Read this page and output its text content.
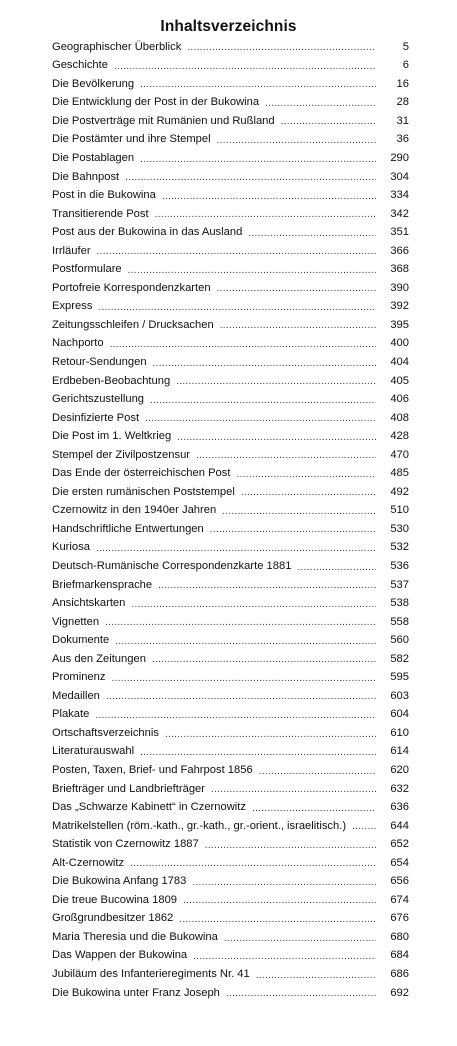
Inhaltsverzeichnis
Geographischer Überblick .....	5
Geschichte .....	6
Die Bevölkerung .....	16
Die Entwicklung der Post in der Bukowina .....	28
Die Postverträge mit Rumänien und Rußland .....	31
Die Postämter und ihre Stempel .....	36
Die Postablagen .....	290
Die Bahnpost .....	304
Post in die Bukowina .....	334
Transitierende Post .....	342
Post aus der Bukowina in das Ausland .....	351
Irrläufer .....	366
Postformulare .....	368
Portofreie Korrespondenzkarten .....	390
Express .....	392
Zeitungsschleifen / Drucksachen .....	395
Nachporto .....	400
Retour-Sendungen .....	404
Erdbeben-Beobachtung .....	405
Gerichtszustellung .....	406
Desinfizierte Post .....	408
Die Post im 1. Weltkrieg .....	428
Stempel der Zivilpostzensur .....	470
Das Ende der österreichischen Post .....	485
Die ersten rumänischen Poststempel .....	492
Czernowitz in den 1940er Jahren .....	510
Handschriftliche Entwertungen .....	530
Kuriosa .....	532
Deutsch-Rumänische Correspondenzkarte 1881 .....	536
Briefmarkensprache .....	537
Ansichtskarten .....	538
Vignetten .....	558
Dokumente .....	560
Aus den Zeitungen .....	582
Prominenz .....	595
Medaillen .....	603
Plakate .....	604
Ortschaftsverzeichnis .....	610
Literaturauswahl .....	614
Posten, Taxen, Brief- und Fahrpost 1856 .....	620
Briefträger und Landbriefträger .....	632
Das „Schwarze Kabinett“ in Czernowitz .....	636
Matrikelstellen (röm.-kath., gr.-kath., gr.-orient., israelitisch.) .....	644
Statistik von Czernowitz 1887 .....	652
Alt-Czernowitz .....	654
Die Bukowina Anfang 1783 .....	656
Die treue Bucowina 1809 .....	674
Großgrundbesitzer 1862 .....	676
Maria Theresia und die Bukowina .....	680
Das Wappen der Bukowina .....	684
Jubiläum des Infanterieregiments Nr. 41 .....	686
Die Bukowina unter Franz Joseph .....	692
